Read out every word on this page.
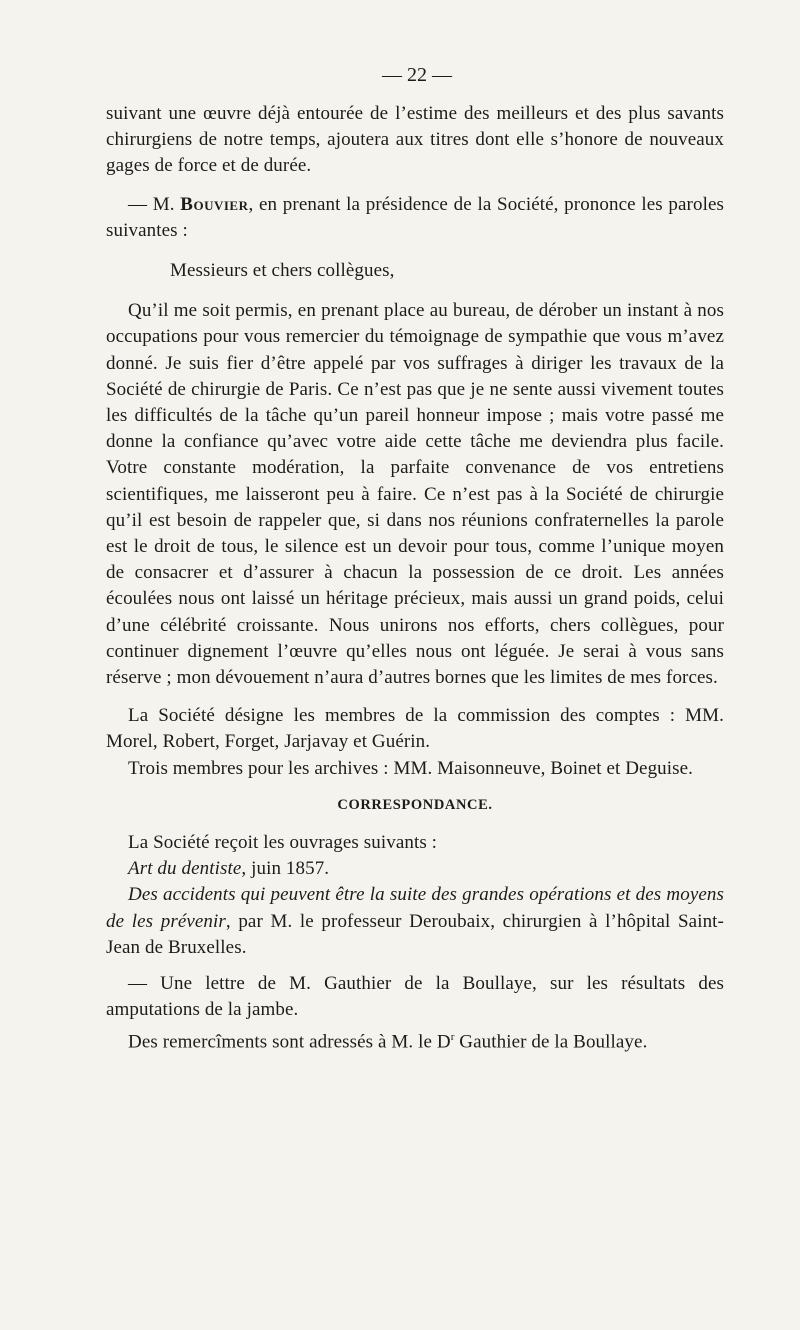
— 22 —

suivant une œuvre déjà entourée de l’estime des meilleurs et des plus savants chirurgiens de notre temps, ajoutera aux titres dont elle s’honore de nouveaux gages de force et de durée.

— M. Bouvier, en prenant la présidence de la Société, prononce les paroles suivantes :

Messieurs et chers collègues,

Qu’il me soit permis, en prenant place au bureau, de dérober un instant à nos occupations pour vous remercier du témoignage de sympathie que vous m’avez donné. Je suis fier d’être appelé par vos suffrages à diriger les travaux de la Société de chirurgie de Paris. Ce n’est pas que je ne sente aussi vivement toutes les difficultés de la tâche qu’un pareil honneur impose ; mais votre passé me donne la confiance qu’avec votre aide cette tâche me deviendra plus facile. Votre constante modération, la parfaite convenance de vos entretiens scientifiques, me laisseront peu à faire. Ce n’est pas à la Société de chirurgie qu’il est besoin de rappeler que, si dans nos réunions confraternelles la parole est le droit de tous, le silence est un devoir pour tous, comme l’unique moyen de consacrer et d’assurer à chacun la possession de ce droit. Les années écoulées nous ont laissé un héritage précieux, mais aussi un grand poids, celui d’une célébrité croissante. Nous unirons nos efforts, chers collègues, pour continuer dignement l’œuvre qu’elles nous ont léguée. Je serai à vous sans réserve ; mon dévouement n’aura d’autres bornes que les limites de mes forces.

La Société désigne les membres de la commission des comptes : MM. Morel, Robert, Forget, Jarjavay et Guérin.

Trois membres pour les archives : MM. Maisonneuve, Boinet et Deguise.

CORRESPONDANCE.

La Société reçoit les ouvrages suivants :

Art du dentiste, juin 1857.

Des accidents qui peuvent être la suite des grandes opérations et des moyens de les prévenir, par M. le professeur Deroubaix, chirurgien à l’hôpital Saint-Jean de Bruxelles.

— Une lettre de M. Gauthier de la Boullaye, sur les résultats des amputations de la jambe.

Des remercîments sont adressés à M. le $D^r$ Gauthier de la Boullaye.
